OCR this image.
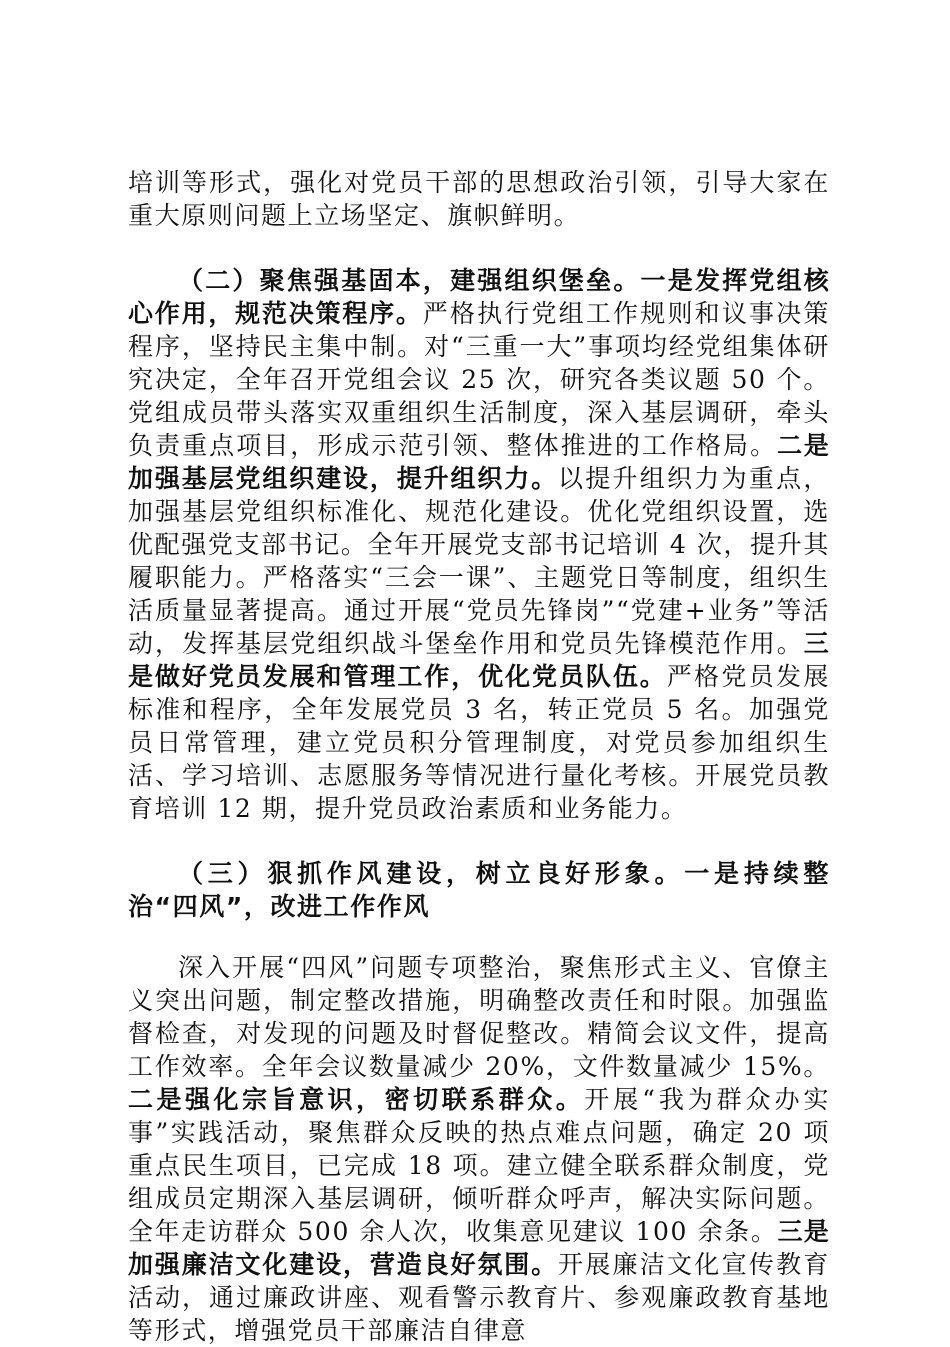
培训等形式，强化对党员干部的思想政治引领，引导大家在重大原则问题上立场坚定、旗帜鲜明。

（二）聚焦强基固本，建强组织堡垒。一是发挥党组核心作用，规范决策程序。严格执行党组工作规则和议事决策程序，坚持民主集中制。对“三重一大”事项均经党组集体研究决定，全年召开党组会议 25 次，研究各类议题 50 个。党组成员带头落实双重组织生活制度，深入基层调研，牵头负责重点项目，形成示范引领、整体推进的工作格局。二是加强基层党组织建设，提升组织力。以提升组织力为重点，加强基层党组织标准化、规范化建设。优化党组织设置，选优配强党支部书记。全年开展党支部书记培训 4 次，提升其履职能力。严格落实“三会一课”、主题党日等制度，组织生活质量显著提高。通过开展“党员先锋岗”“党建+业务”等活动，发挥基层党组织战斗堡垒作用和党员先锋模范作用。三是做好党员发展和管理工作，优化党员队伍。严格党员发展标准和程序，全年发展党员 3 名，转正党员 5 名。加强党员日常管理，建立党员积分管理制度，对党员参加组织生活、学习培训、志愿服务等情况进行量化考核。开展党员教育培训 12 期，提升党员政治素质和业务能力。

（三）狠抓作风建设，树立良好形象。一是持续整治“四风”，改进工作作风

深入开展“四风”问题专项整治，聚焦形式主义、官僚主义突出问题，制定整改措施，明确整改责任和时限。加强监督检查，对发现的问题及时督促整改。精简会议文件，提高工作效率。全年会议数量减少 20%，文件数量减少 15%。二是强化宗旨意识，密切联系群众。开展“我为群众办实事”实践活动，聚焦群众反映的热点难点问题，确定 20 项重点民生项目，已完成 18 项。建立健全联系群众制度，党组成员定期深入基层调研，倾听群众呼声，解决实际问题。全年走访群众 500 余人次，收集意见建议 100 余条。三是加强廉洁文化建设，营造良好氛围。开展廉洁文化宣传教育活动，通过廉政讲座、观看警示教育片、参观廉政教育基地等形式，增强党员干部廉洁自律意
